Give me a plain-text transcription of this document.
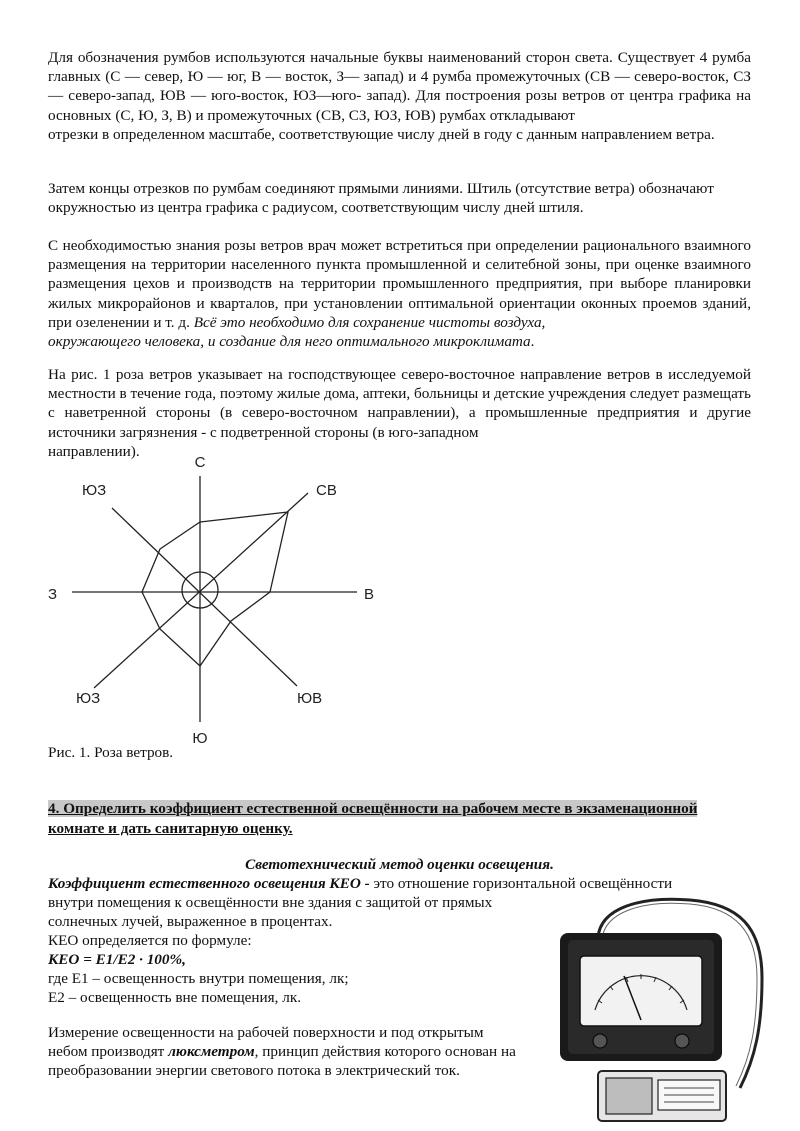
Для обозначения румбов используются начальные буквы наименований сторон света. Существует 4 румба главных (С — север, Ю — юг, В — восток, З— запад) и 4 румба промежуточных (СВ — северо-восток, СЗ — северо-запад, ЮВ — юго-восток, ЮЗ—юго- запад). Для построения розы ветров от центра графика на основных (С, Ю, З, В) и промежуточных (СВ, СЗ, ЮЗ, ЮВ) румбах откладывают
отрезки в определенном масштабе, соответствующие числу дней в году с данным направлением ветра.

Затем концы отрезков по румбам соединяют прямыми линиями. Штиль (отсутствие ветра) обозначают
окружностью из центра графика с радиусом, соответствующим числу дней штиля.

С необходимостью знания розы ветров врач может встретиться при определении рационального взаимного размещения на территории населенного пункта промышленной и селитебной зоны, при оценке взаимного размещения цехов и производств на территории промышленного предприятия, при выборе планировки жилых микрорайонов и кварталов, при установлении оптимальной ориентации оконных проемов зданий, при озеленении и т. д. Всё это необходимо для сохранение чистоты воздуха,
окружающего человека, и создание для него оптимального микроклимата.

На рис. 1 роза ветров указывает на господствующее северо-восточное направление ветров в исследуемой местности в течение года, поэтому жилые дома, аптеки, больницы и детские учреждения следует размещать с наветренной стороны (в северо-восточном направлении), а промышленные предприятия и другие источники загрязнения - с подветренной стороны (в юго-западном
направлении).

С
СВ
В
ЮВ
Ю
ЮЗ
З
ЮЗ
Рис. 1. Роза ветров.

4. Определить коэффициент естественной освещённости на рабочем месте в экзаменационной
комнате и дать санитарную оценку.

Светотехнический метод оценки освещения.
Коэффициент естественного освещения КЕО - это отношение горизонтальной освещённости
внутри помещения к освещённости вне здания с защитой от прямых
солнечных лучей, выраженное в процентах.
КЕО определяется по формуле:
КЕО = Е1/Е2 · 100%,
где Е1 – освещенность внутри помещения, лк;
Е2 – освещенность вне помещения, лк.
Измерение освещенности на рабочей поверхности и под открытым
небом производят люксметром, принцип действия которого основан на
преобразовании энергии светового потока в электрический ток.
